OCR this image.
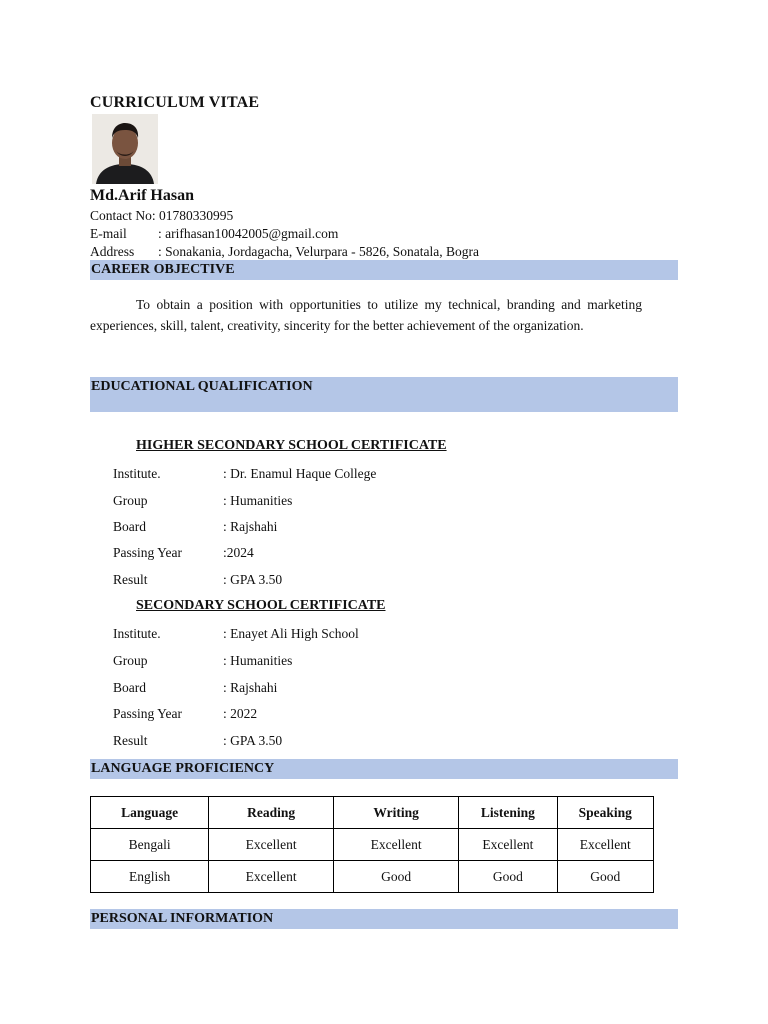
CURRICULUM VITAE
Md.Arif Hasan
Contact No: 01780330995
E-mail : arifhasan10042005@gmail.com
Address : Sonakania, Jordagacha, Velurpara - 5826, Sonatala, Bogra
CAREER OBJECTIVE
To obtain a position with opportunities to utilize my technical, branding and marketing experiences, skill, talent, creativity, sincerity for the better achievement of the organization.
EDUCATIONAL QUALIFICATION
HIGHER SECONDARY SCHOOL CERTIFICATE
Institute.	: Dr. Enamul Haque College
Group	: Humanities
Board	: Rajshahi
Passing Year	:2024
Result	: GPA 3.50
SECONDARY SCHOOL CERTIFICATE
Institute.	: Enayet Ali High School
Group	: Humanities
Board	: Rajshahi
Passing Year	: 2022
Result	: GPA 3.50
LANGUAGE PROFICIENCY
Language	Reading	Writing	Listening	Speaking
Bengali	Excellent	Excellent	Excellent	Excellent
English	Excellent	Good	Good	Good
PERSONAL INFORMATION
